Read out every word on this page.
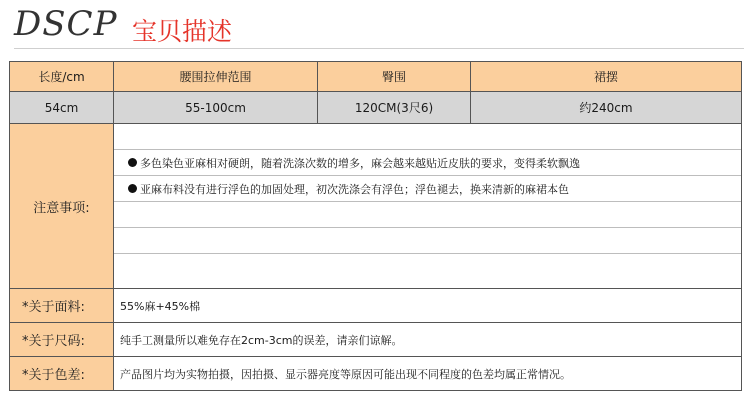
DSCP 宝贝描述
长度/cm	腰围拉伸范围	臀围	裙摆
54cm	55-100cm	120CM(3尺6)	约240cm
注意事项:	多色染色亚麻相对硬朗，随着洗涤次数的增多，麻会越来越贴近皮肤的要求，变得柔软飘逸
亚麻布料没有进行浮色的加固处理，初次洗涤会有浮色；浮色褪去，换来清新的麻裙本色		

*关于面料:	55%麻+45%棉		
*关于尺码:	纯手工测量所以难免存在2cm-3cm的误差，请亲们谅解。		
*关于色差:	产品图片均为实物拍摄，因拍摄、显示器亮度等原因可能出现不同程度的色差均属正常情况。		
